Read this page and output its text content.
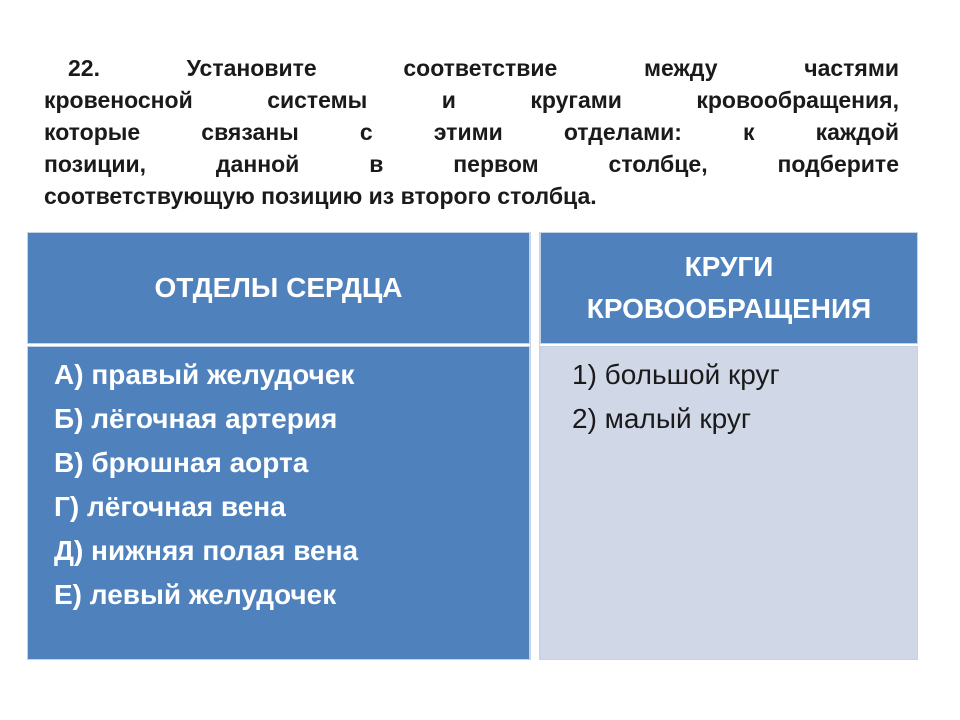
22. Установите соответствие между частями
кровеносной системы и кругами кровообращения,
которые связаны с этими отделами: к каждой
позиции, данной в первом столбце, подберите
соответствующую позицию из второго столбца.
ОТДЕЛЫ СЕРДЦА
КРУГИ
КРОВООБРАЩЕНИЯ
А) правый желудочек
Б) лёгочная артерия
В) брюшная аорта
Г) лёгочная вена
Д) нижняя полая вена
Е) левый желудочек
1) большой круг
2) малый круг
